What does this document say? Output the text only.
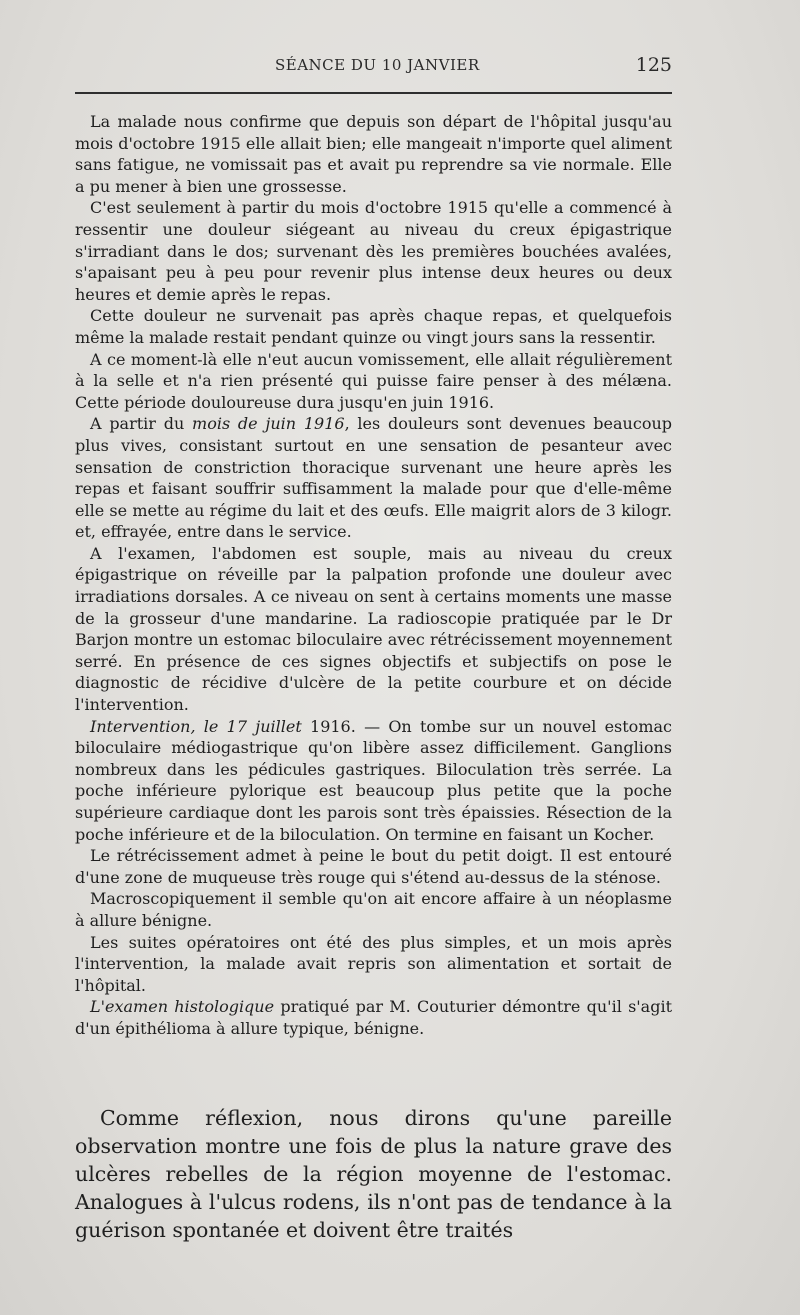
SÉANCE DU 10 JANVIER	125

La malade nous confirme que depuis son départ de l'hôpital jusqu'au mois d'octobre 1915 elle allait bien; elle mangeait n'importe quel aliment sans fatigue, ne vomissait pas et avait pu reprendre sa vie normale. Elle a pu mener à bien une grossesse.

C'est seulement à partir du mois d'octobre 1915 qu'elle a commencé à ressentir une douleur siégeant au niveau du creux épigastrique s'irradiant dans le dos; survenant dès les premières bouchées avalées, s'apaisant peu à peu pour revenir plus intense deux heures ou deux heures et demie après le repas.

Cette douleur ne survenait pas après chaque repas, et quelquefois même la malade restait pendant quinze ou vingt jours sans la ressentir.

A ce moment-là elle n'eut aucun vomissement, elle allait régulièrement à la selle et n'a rien présenté qui puisse faire penser à des mélæna. Cette période douloureuse dura jusqu'en juin 1916.

A partir du mois de juin 1916, les douleurs sont devenues beaucoup plus vives, consistant surtout en une sensation de pesanteur avec sensation de constriction thoracique survenant une heure après les repas et faisant souffrir suffisamment la malade pour que d'elle-même elle se mette au régime du lait et des œufs. Elle maigrit alors de 3 kilogr. et, effrayée, entre dans le service.

A l'examen, l'abdomen est souple, mais au niveau du creux épigastrique on réveille par la palpation profonde une douleur avec irradiations dorsales. A ce niveau on sent à certains moments une masse de la grosseur d'une mandarine. La radioscopie pratiquée par le Dr Barjon montre un estomac biloculaire avec rétrécissement moyennement serré. En présence de ces signes objectifs et subjectifs on pose le diagnostic de récidive d'ulcère de la petite courbure et on décide l'intervention.

Intervention, le 17 juillet 1916. — On tombe sur un nouvel estomac biloculaire médiogastrique qu'on libère assez difficilement. Ganglions nombreux dans les pédicules gastriques. Biloculation très serrée. La poche inférieure pylorique est beaucoup plus petite que la poche supérieure cardiaque dont les parois sont très épaissies. Résection de la poche inférieure et de la biloculation. On termine en faisant un Kocher.

Le rétrécissement admet à peine le bout du petit doigt. Il est entouré d'une zone de muqueuse très rouge qui s'étend au-dessus de la sténose.

Macroscopiquement il semble qu'on ait encore affaire à un néoplasme à allure bénigne.

Les suites opératoires ont été des plus simples, et un mois après l'intervention, la malade avait repris son alimentation et sortait de l'hôpital.

L'examen histologique pratiqué par M. Couturier démontre qu'il s'agit d'un épithélioma à allure typique, bénigne.

Comme réflexion, nous dirons qu'une pareille observation montre une fois de plus la nature grave des ulcères rebelles de la région moyenne de l'estomac. Analogues à l'ulcus rodens, ils n'ont pas de tendance à la guérison spontanée et doivent être traités
